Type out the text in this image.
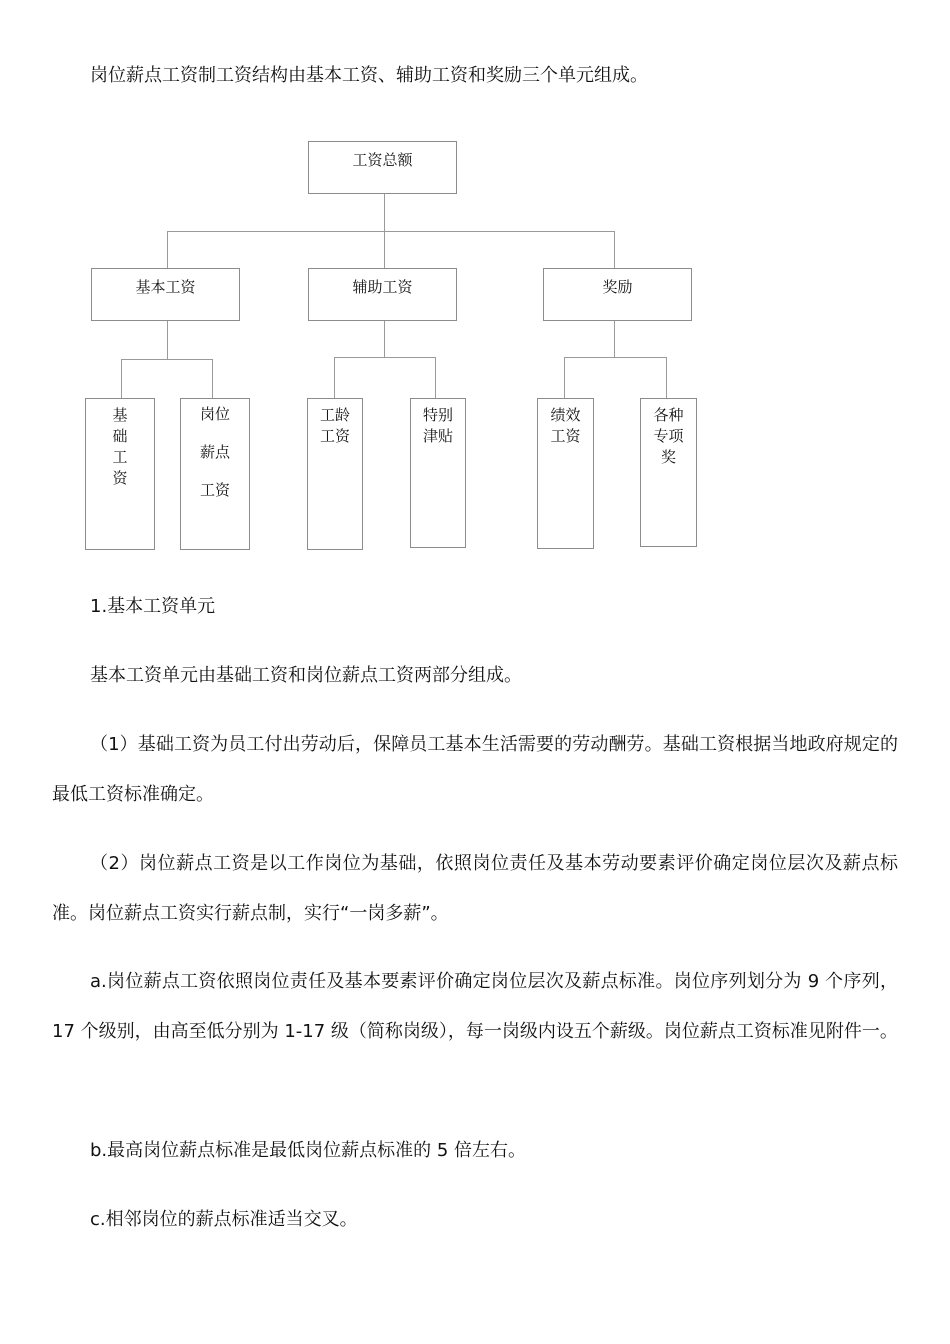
岗位薪点工资制工资结构由基本工资、辅助工资和奖励三个单元组成。

工资总额
基本工资	辅助工资	奖励
基
础
工
资
岗位
薪点
工资
工龄
工资
特别
津贴
绩效
工资
各种
专项
奖

1.基本工资单元

基本工资单元由基础工资和岗位薪点工资两部分组成。

（1）基础工资为员工付出劳动后，保障员工基本生活需要的劳动酬劳。基础工资根据当地政府规定的最低工资标准确定。

（2）岗位薪点工资是以工作岗位为基础，依照岗位责任及基本劳动要素评价确定岗位层次及薪点标准。岗位薪点工资实行薪点制，实行“一岗多薪”。

a.岗位薪点工资依照岗位责任及基本要素评价确定岗位层次及薪点标准。岗位序列划分为 9 个序列，17 个级别，由高至低分别为 1-17 级（简称岗级），每一岗级内设五个薪级。岗位薪点工资标准见附件一。

b.最高岗位薪点标准是最低岗位薪点标准的 5 倍左右。

c.相邻岗位的薪点标准适当交叉。
